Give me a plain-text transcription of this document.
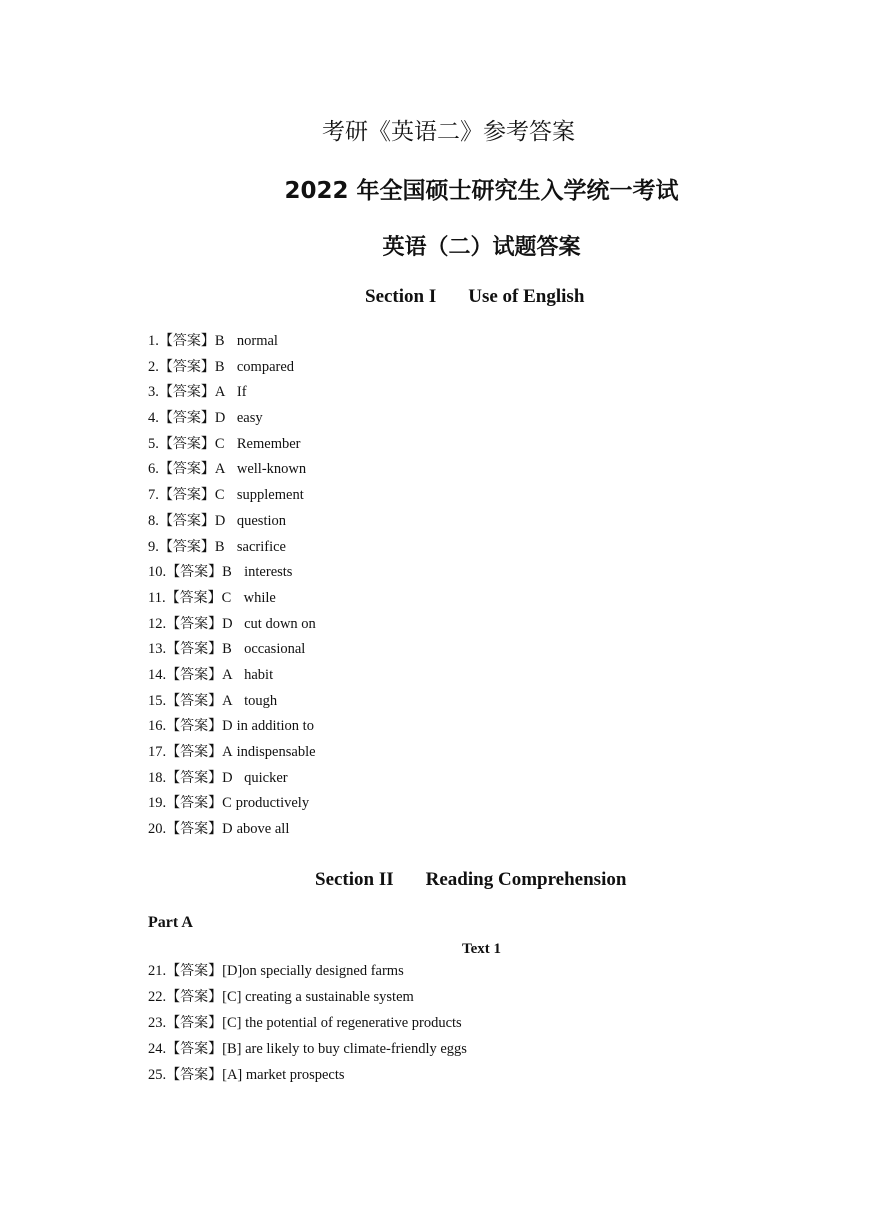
考研《英语二》参考答案
2022 年全国硕士研究生入学统一考试
英语（二）试题答案
Section I Use of English
1.【答案】B normal
2.【答案】B compared
3.【答案】A If
4.【答案】D easy
5.【答案】C Remember
6.【答案】A well-known
7.【答案】C supplement
8.【答案】D question
9.【答案】B sacrifice
10.【答案】B interests
11.【答案】C while
12.【答案】D cut down on
13.【答案】B occasional
14.【答案】A habit
15.【答案】A tough
16.【答案】D in addition to
17.【答案】A indispensable
18.【答案】D quicker
19.【答案】C productively
20.【答案】D above all
Section II Reading Comprehension
Part A
Text 1
21.【答案】[D]on specially designed farms
22.【答案】[C] creating a sustainable system
23.【答案】[C] the potential of regenerative products
24.【答案】[B] are likely to buy climate-friendly eggs
25.【答案】[A] market prospects
